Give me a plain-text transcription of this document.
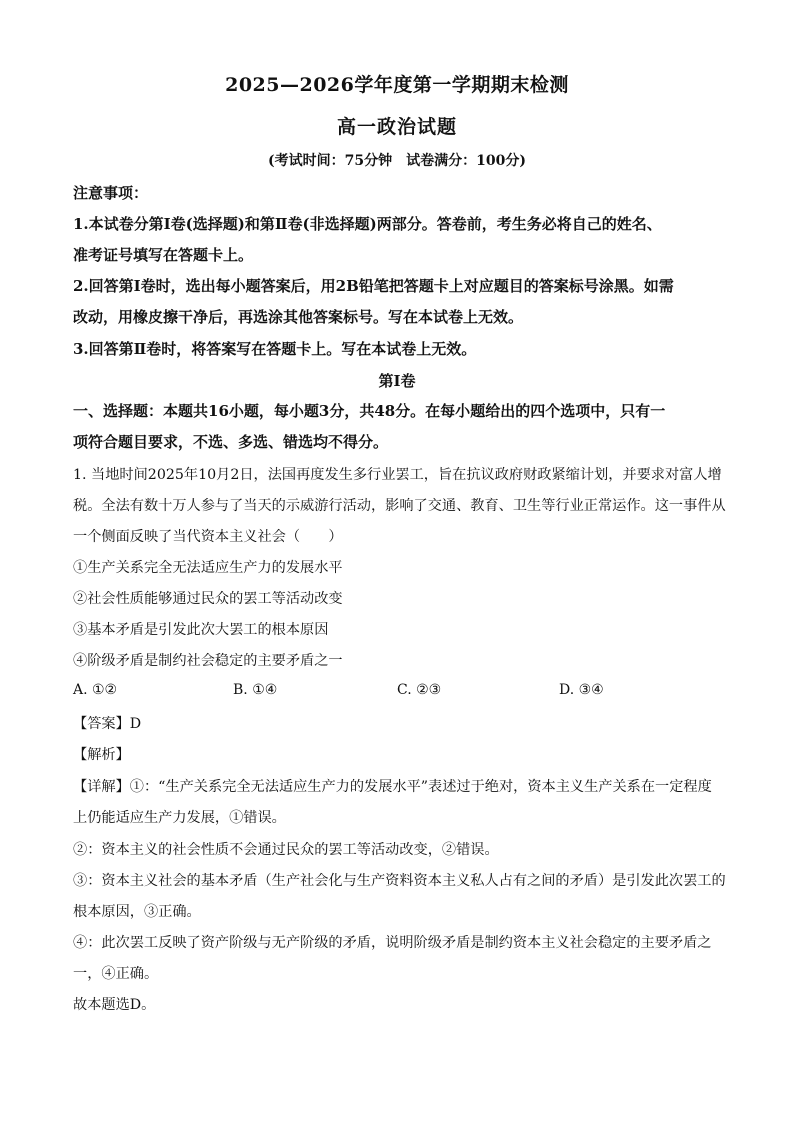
2025—2026学年度第一学期期末检测
高一政治试题
(考试时间：75分钟　试卷满分：100分)
注意事项：
1.本试卷分第Ⅰ卷(选择题)和第Ⅱ卷(非选择题)两部分。答卷前，考生务必将自己的姓名、
准考证号填写在答题卡上。
2.回答第Ⅰ卷时，选出每小题答案后，用2B铅笔把答题卡上对应题目的答案标号涂黑。如需
改动，用橡皮擦干净后，再选涂其他答案标号。写在本试卷上无效。
3.回答第Ⅱ卷时，将答案写在答题卡上。写在本试卷上无效。
第Ⅰ卷
一、选择题：本题共16小题，每小题3分，共48分。在每小题给出的四个选项中，只有一
项符合题目要求，不选、多选、错选均不得分。
1. 当地时间2025年10月2日，法国再度发生多行业罢工，旨在抗议政府财政紧缩计划，并要求对富人增
税。全法有数十万人参与了当天的示威游行活动，影响了交通、教育、卫生等行业正常运作。这一事件从
一个侧面反映了当代资本主义社会（　　）
①生产关系完全无法适应生产力的发展水平
②社会性质能够通过民众的罢工等活动改变
③基本矛盾是引发此次大罢工的根本原因
④阶级矛盾是制约社会稳定的主要矛盾之一
A. ①②	B. ①④	C. ②③	D. ③④
【答案】D
【解析】
【详解】①：“生产关系完全无法适应生产力的发展水平”表述过于绝对，资本主义生产关系在一定程度
上仍能适应生产力发展，①错误。
②：资本主义的社会性质不会通过民众的罢工等活动改变，②错误。
③：资本主义社会的基本矛盾（生产社会化与生产资料资本主义私人占有之间的矛盾）是引发此次罢工的
根本原因，③正确。
④：此次罢工反映了资产阶级与无产阶级的矛盾，说明阶级矛盾是制约资本主义社会稳定的主要矛盾之
一，④正确。
故本题选D。
